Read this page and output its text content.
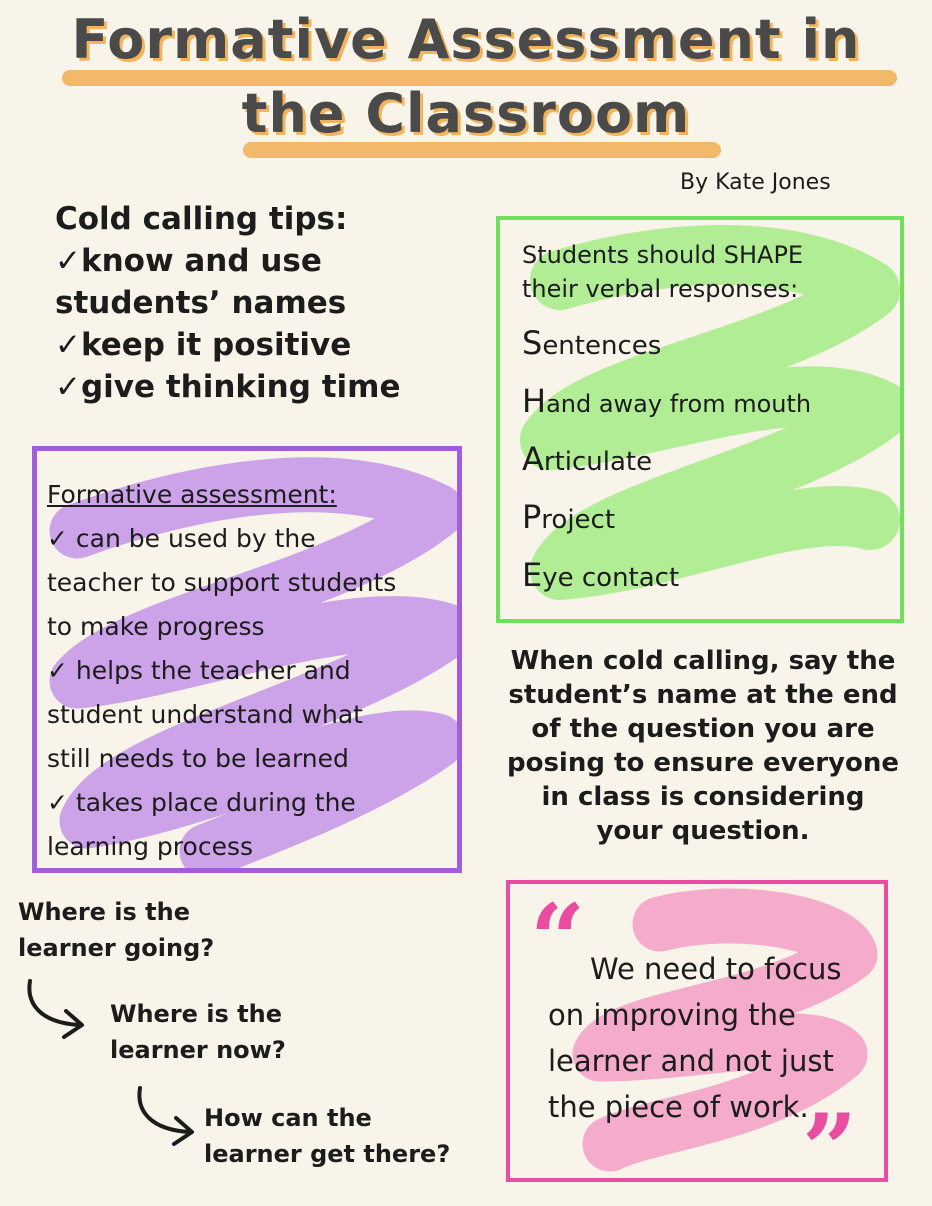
Formative Assessment in
the Classroom
By Kate Jones
Cold calling tips:
✓know and use
students’ names
✓keep it positive
✓give thinking time
Formative assessment:
✓ can be used by the
teacher to support students
to make progress
✓ helps the teacher and
student understand what
still needs to be learned
✓ takes place during the
learning process
Students should SHAPE
their verbal responses:
Sentences
Hand away from mouth
Articulate
Project
Eye contact
When cold calling, say the
student’s name at the end
of the question you are
posing to ensure everyone
in class is considering
your question.
Where is the
learner going?
Where is the
learner now?
How can the
learner get there?
“ We need to focus
on improving the
learner and not just
the piece of work.
”
